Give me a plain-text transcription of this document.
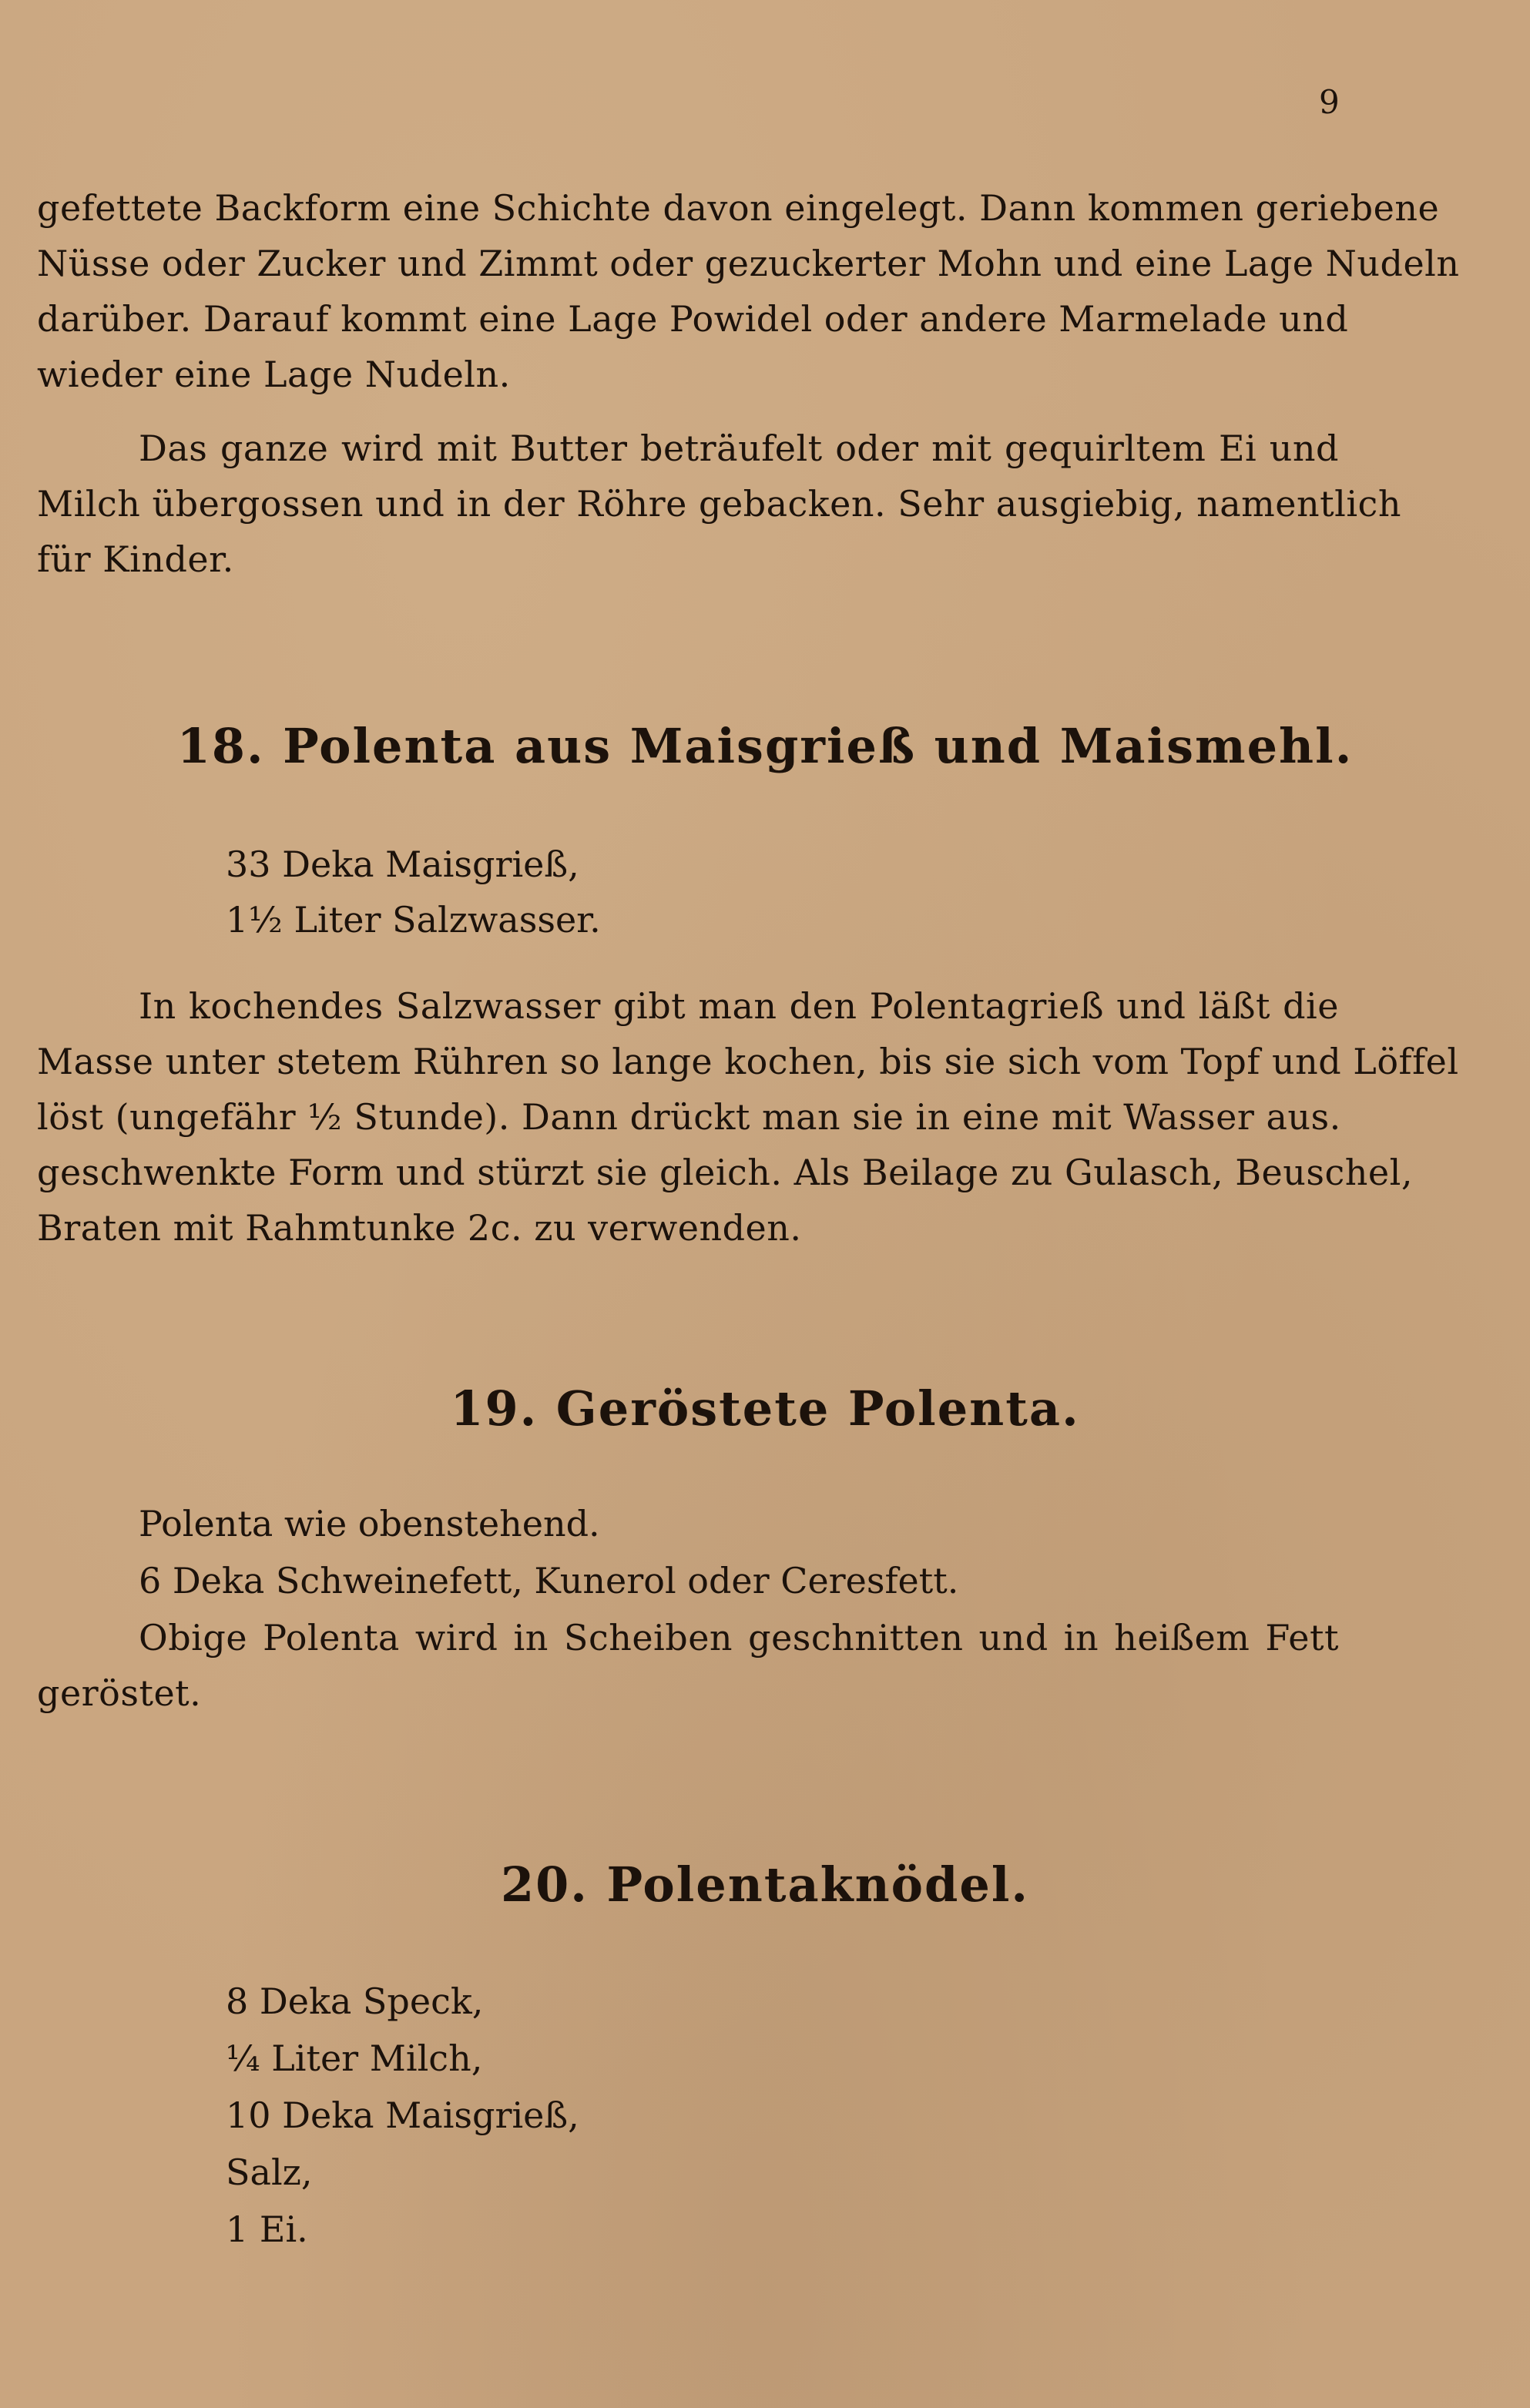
9
gefettete Backform eine Schichte davon eingelegt. Dann kommen geriebene
Nüsse oder Zucker und Zimmt oder gezuckerter Mohn und eine Lage Nudeln
darüber. Darauf kommt eine Lage Powidel oder andere Marmelade und
wieder eine Lage Nudeln.
Das ganze wird mit Butter beträufelt oder mit gequirltem Ei und
Milch übergossen und in der Röhre gebacken. Sehr ausgiebig, namentlich
für Kinder.
18. Polenta aus Maisgrieß und Maismehl.
33 Deka Maisgrieß,
1½ Liter Salzwasser.
In kochendes Salzwasser gibt man den Polentagrieß und läßt die
Masse unter stetem Rühren so lange kochen, bis sie sich vom Topf und Löffel
löst (ungefähr ½ Stunde). Dann drückt man sie in eine mit Wasser aus.
geschwenkte Form und stürzt sie gleich. Als Beilage zu Gulasch, Beuschel,
Braten mit Rahmtunke 2c. zu verwenden.
19. Geröstete Polenta.
Polenta wie obenstehend.
6 Deka Schweinefett, Kunerol oder Ceresfett.
Obige Polenta wird in Scheiben geschnitten und in heißem Fett
geröstet.
20. Polentaknödel.
8 Deka Speck,
¼ Liter Milch,
10 Deka Maisgrieß,
Salz,
1 Ei.
